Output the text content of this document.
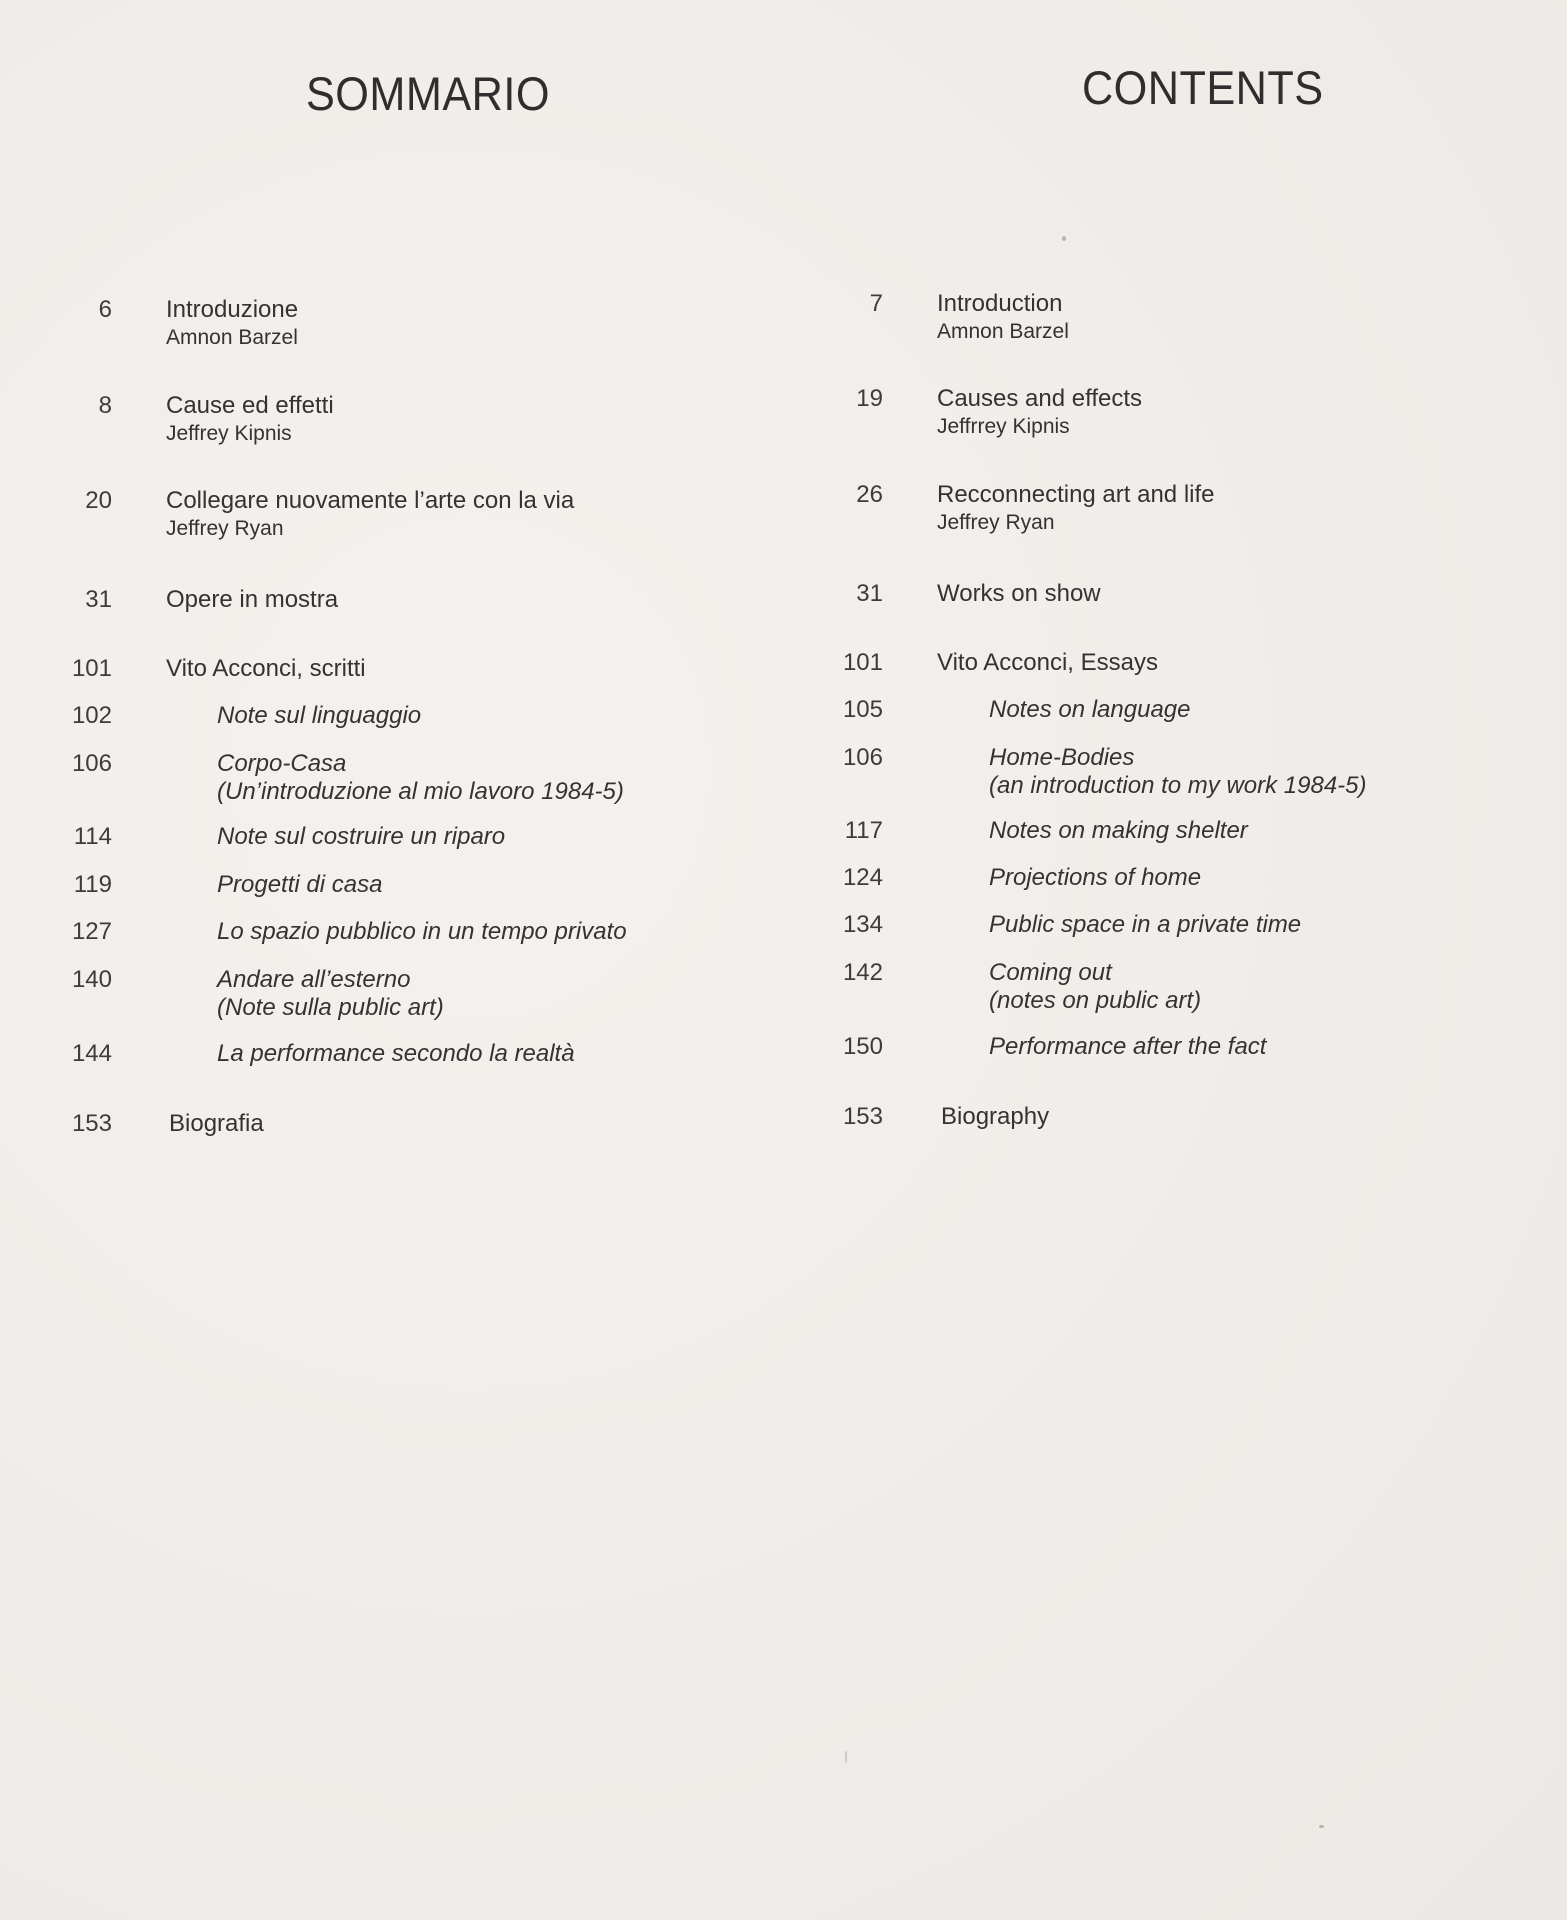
SOMMARIO	CONTENTS
6 Introduzione
Amnon Barzel
8 Cause ed effetti
Jeffrey Kipnis
20 Collegare nuovamente l’arte con la via
Jeffrey Ryan
31 Opere in mostra
101 Vito Acconci, scritti
102	Note sul linguaggio
106	Corpo-Casa
(Un’introduzione al mio lavoro 1984-5)
114	Note sul costruire un riparo
119	Progetti di casa
127	Lo spazio pubblico in un tempo privato
140	Andare all’esterno
(Note sulla public art)
144	La performance secondo la realtà
153 Biografia
7 Introduction
Amnon Barzel
19 Causes and effects
Jeffrrey Kipnis
26 Recconnecting art and life
Jeffrey Ryan
31 Works on show
101 Vito Acconci, Essays
105	Notes on language
106	Home-Bodies
(an introduction to my work 1984-5)
117	Notes on making shelter
124	Projections of home
134	Public space in a private time
142	Coming out
(notes on public art)
150	Performance after the fact
153 Biography
